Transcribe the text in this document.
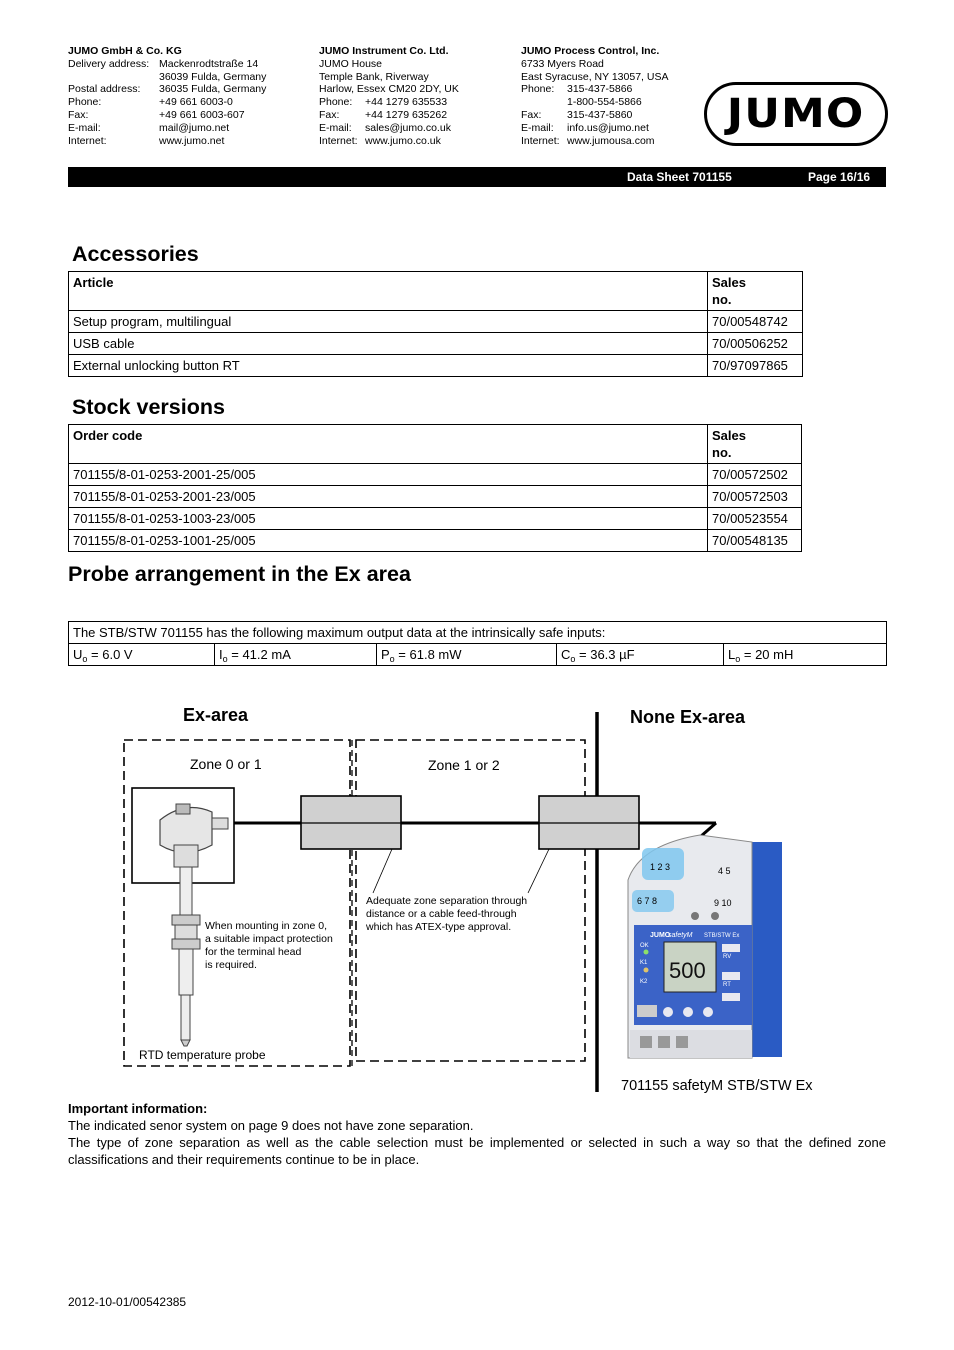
JUMO GmbH & Co. KG
Delivery address: Mackenrodtstraße 14
36039 Fulda, Germany
Postal address:	36035 Fulda, Germany
Phone:	+49 661 6003-0
Fax:	+49 661 6003-607
E-mail:	mail@jumo.net
Internet:	www.jumo.net
JUMO Instrument Co. Ltd.
JUMO House
Temple Bank, Riverway
Harlow, Essex CM20 2DY, UK
Phone:	+44 1279 635533
Fax:	+44 1279 635262
E-mail:	sales@jumo.co.uk
Internet: www.jumo.co.uk
JUMO Process Control, Inc.
6733 Myers Road
East Syracuse, NY 13057, USA
Phone:	315-437-5866
1-800-554-5866
Fax:	315-437-5860
E-mail:	info.us@jumo.net
Internet: www.jumousa.com
JUMO
Data Sheet 701155	Page 16/16
Accessories
Article	Sales
no.
Setup program, multilingual	70/00548742
USB cable	70/00506252
External unlocking button RT	70/97097865
Stock versions
Order code	Sales
no.
701155/8-01-0253-2001-25/005	70/00572502
701155/8-01-0253-2001-23/005	70/00572503
701155/8-01-0253-1003-23/005	70/00523554
701155/8-01-0253-1001-25/005	70/00548135
Probe arrangement in the Ex area
The STB/STW 701155 has the following maximum output data at the intrinsically safe inputs:
$U_o = 6.0$ V	$I_o = 41.2$ mA	$P_o = 61.8$ mW	$C_o = 36.3$ µF	$L_o = 20$ mH
Ex-area	None Ex-area
Zone 0 or 1	Zone 1 or 2
When mounting in zone 0, a suitable impact protection for the terminal head is required.
Adequate zone separation through distance or a cable feed-through which has ATEX-type approval.
RTD temperature probe
1 2 3	4 5
6 7 8	9 10
JUMO
safetyM STB/STW Ex
500
OK K1 K2 RV RT
701155 safetyM STB/STW Ex
Important information:
The indicated senor system on page 9 does not have zone separation.
The type of zone separation as well as the cable selection must be implemented or selected in such a way so that the defined zone classifications and their requirements continue to be in place.
2012-10-01/00542385
